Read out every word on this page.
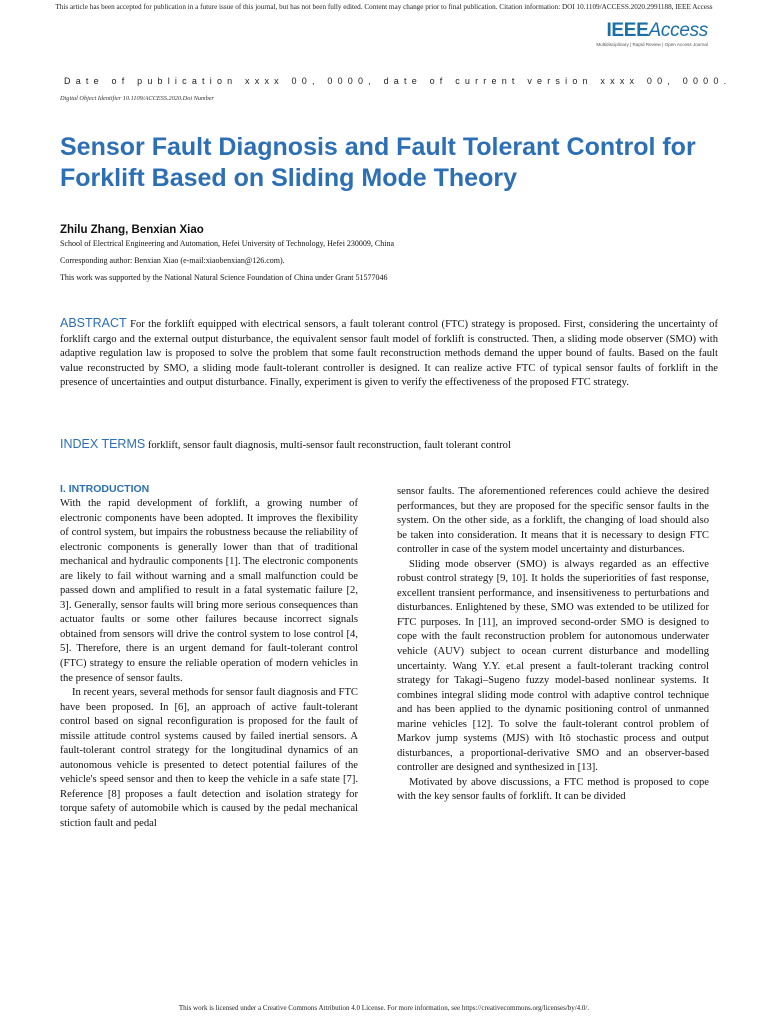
This article has been accepted for publication in a future issue of this journal, but has not been fully edited. Content may change prior to final publication. Citation information: DOI 10.1109/ACCESS.2020.2991188, IEEE Access
IEEEAccess
Multidisciplinary | Rapid Review | Open Access Journal
Date of publication xxxx 00, 0000, date of current version xxxx 00, 0000.
Digital Object Identifier 10.1109/ACCESS.2020.Doi Number
Sensor Fault Diagnosis and Fault Tolerant Control for Forklift Based on Sliding Mode Theory
Zhilu Zhang, Benxian Xiao
School of Electrical Engineering and Automation, Hefei University of Technology, Hefei 230009, China
Corresponding author: Benxian Xiao (e-mail:xiaobenxian@126.com).
This work was supported by the National Natural Science Foundation of China under Grant 51577046

ABSTRACT For the forklift equipped with electrical sensors, a fault tolerant control (FTC) strategy is proposed. First, considering the uncertainty of forklift cargo and the external output disturbance, the equivalent sensor fault model of forklift is constructed. Then, a sliding mode observer (SMO) with adaptive regulation law is proposed to solve the problem that some fault reconstruction methods demand the upper bound of faults. Based on the fault value reconstructed by SMO, a sliding mode fault-tolerant controller is designed. It can realize active FTC of typical sensor faults of forklift in the presence of uncertainties and output disturbance. Finally, experiment is given to verify the effectiveness of the proposed FTC strategy.

INDEX TERMS forklift, sensor fault diagnosis, multi-sensor fault reconstruction, fault tolerant control

I. INTRODUCTION

With the rapid development of forklift, a growing number of electronic components have been adopted. It improves the flexibility of control system, but impairs the robustness because the reliability of electronic components is generally lower than that of traditional mechanical and hydraulic components [1]. The electronic components are likely to fail without warning and a small malfunction could be passed down and amplified to result in a fatal systematic failure [2, 3]. Generally, sensor faults will bring more serious consequences than actuator faults or some other failures because incorrect signals obtained from sensors will drive the control system to lose control [4, 5]. Therefore, there is an urgent demand for fault-tolerant control (FTC) strategy to ensure the reliable operation of modern vehicles in the presence of sensor faults.

In recent years, several methods for sensor fault diagnosis and FTC have been proposed. In [6], an approach of active fault-tolerant control based on signal reconfiguration is proposed for the fault of missile attitude control systems caused by failed inertial sensors. A fault-tolerant control strategy for the longitudinal dynamics of an autonomous vehicle is presented to detect potential failures of the vehicle's speed sensor and then to keep the vehicle in a safe state [7]. Reference [8] proposes a fault detection and isolation strategy for torque safety of automobile which is caused by the pedal mechanical stiction fault and pedal

sensor faults. The aforementioned references could achieve the desired performances, but they are proposed for the specific sensor faults in the system. On the other side, as a forklift, the changing of load should also be taken into consideration. It means that it is necessary to design FTC controller in case of the system model uncertainty and disturbances.

Sliding mode observer (SMO) is always regarded as an effective robust control strategy [9, 10]. It holds the superiorities of fast response, excellent transient performance, and insensitiveness to perturbations and disturbances. Enlightened by these, SMO was extended to be utilized for FTC purposes. In [11], an improved second-order SMO is designed to cope with the fault reconstruction problem for autonomous underwater vehicle (AUV) subject to ocean current disturbance and modelling uncertainty. Wang Y.Y. et.al present a fault-tolerant tracking control strategy for Takagi–Sugeno fuzzy model-based nonlinear systems. It combines integral sliding mode control with adaptive control technique and has been applied to the dynamic positioning control of unmanned marine vehicles [12]. To solve the fault-tolerant control problem of Markov jump systems (MJS) with Itô stochastic process and output disturbances, a proportional-derivative SMO and an observer-based controller are designed and synthesized in [13].

Motivated by above discussions, a FTC method is proposed to cope with the key sensor faults of forklift. It can be divided

This work is licensed under a Creative Commons Attribution 4.0 License. For more information, see https://creativecommons.org/licenses/by/4.0/.
